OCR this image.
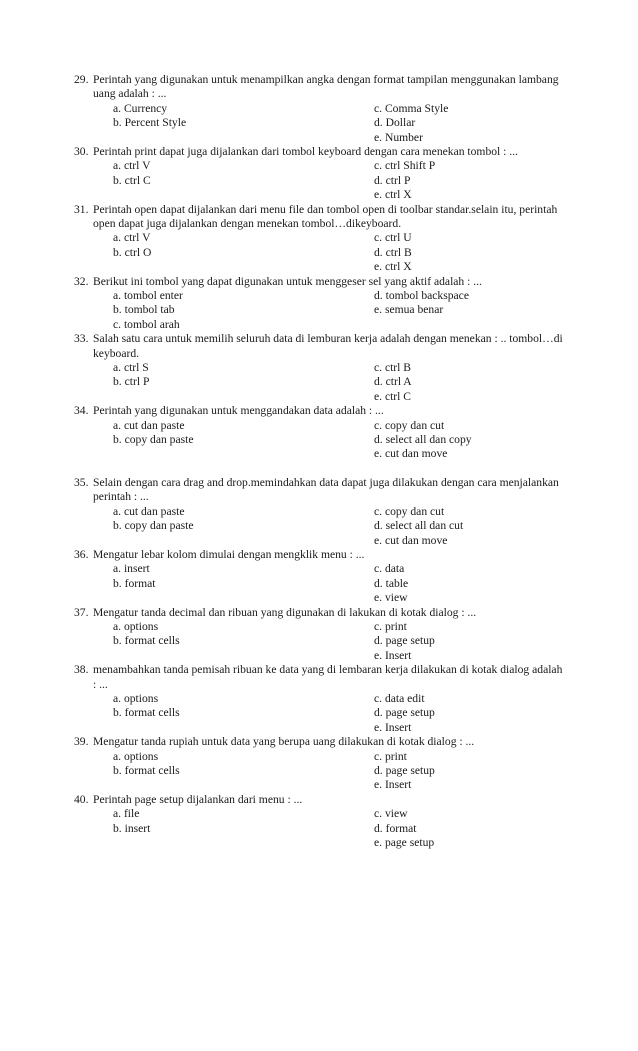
29. Perintah yang digunakan untuk menampilkan angka dengan format tampilan menggunakan lambang uang adalah : ...
a. Currency	c. Comma Style
b. Percent Style	d. Dollar
e. Number
30. Perintah print dapat juga dijalankan dari tombol keyboard dengan cara menekan tombol : ...
a. ctrl V	c. ctrl Shift P
b. ctrl C	d. ctrl P
e. ctrl X
31. Perintah open dapat dijalankan dari menu file dan tombol open di toolbar standar.selain itu, perintah open dapat juga dijalankan dengan menekan tombol…dikeyboard.
a. ctrl V	c. ctrl U
b. ctrl O	d. ctrl B
e. ctrl X
32. Berikut ini tombol yang dapat digunakan untuk menggeser sel yang aktif adalah : ...
a. tombol enter	d. tombol backspace
b. tombol tab	e. semua benar
c. tombol arah
33. Salah satu cara untuk memilih seluruh data di lemburan kerja adalah dengan menekan : .. tombol…di keyboard.
a. ctrl S	c. ctrl B
b. ctrl P	d. ctrl A
e. ctrl C
34. Perintah yang digunakan untuk menggandakan data adalah : ...
a. cut dan paste	c. copy dan cut
b. copy dan paste	d. select all dan copy
e. cut dan move
35. Selain dengan cara drag and drop.memindahkan data dapat juga dilakukan dengan cara menjalankan perintah : ...
a. cut dan paste	c. copy dan cut
b. copy dan paste	d. select all dan cut
e. cut dan move
36. Mengatur lebar kolom dimulai dengan mengklik menu : ...
a. insert	c. data
b. format	d. table
e. view
37. Mengatur tanda decimal dan ribuan yang digunakan di lakukan di kotak dialog : ...
a. options	c. print
b. format cells	d. page setup
e. Insert
38. menambahkan tanda pemisah ribuan ke data yang di lembaran kerja dilakukan di kotak dialog adalah : ...
a. options	c. data edit
b. format cells	d. page setup
e. Insert
39. Mengatur tanda rupiah untuk data yang berupa uang dilakukan di kotak dialog : ...
a. options	c. print
b. format cells	d. page setup
e. Insert
40. Perintah page setup dijalankan dari menu : ...
a. file	c. view
b. insert	d. format
e. page setup
